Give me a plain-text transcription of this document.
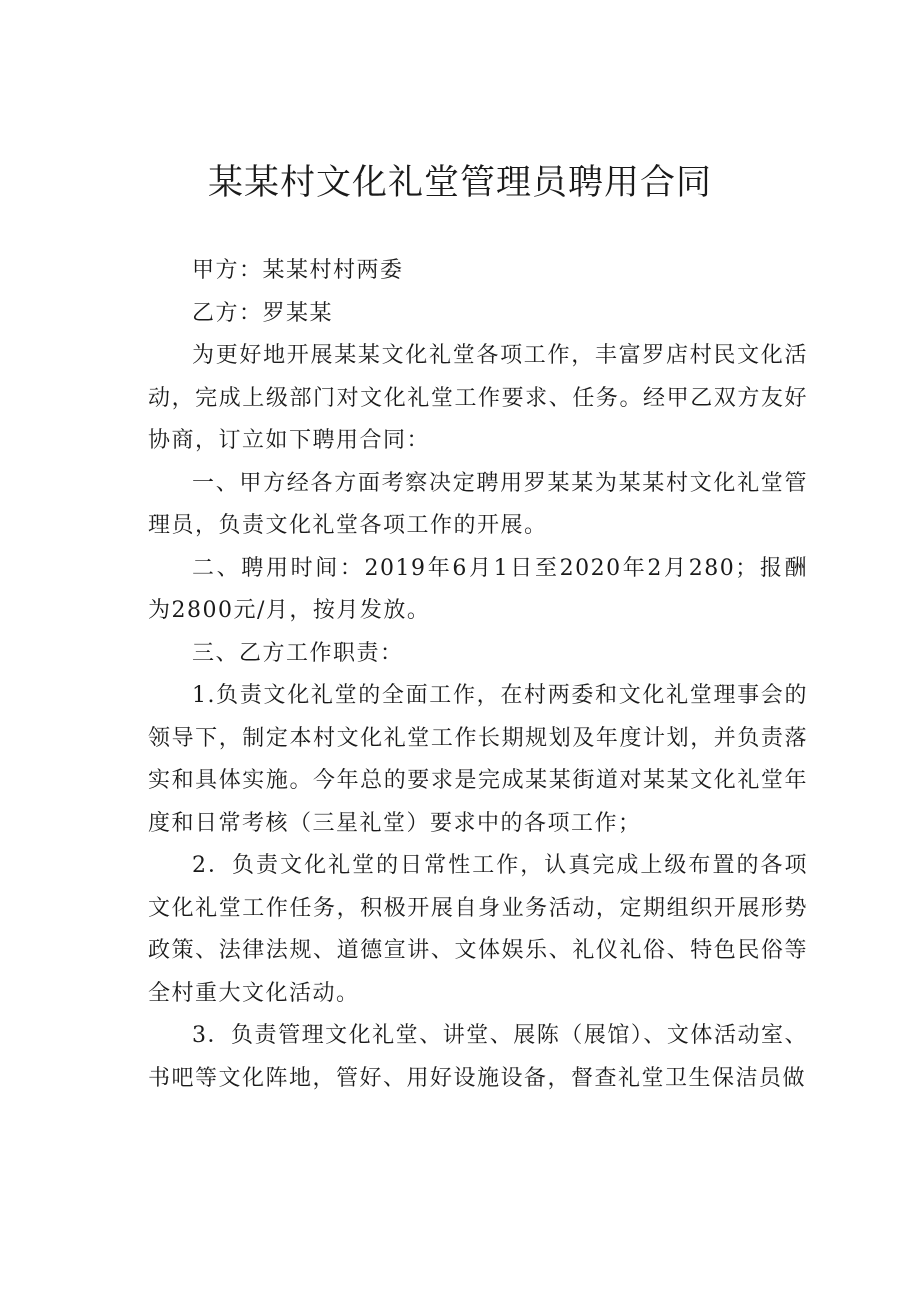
某某村文化礼堂管理员聘用合同

甲方：某某村村两委

乙方：罗某某

为更好地开展某某文化礼堂各项工作，丰富罗店村民文化活动，完成上级部门对文化礼堂工作要求、任务。经甲乙双方友好协商，订立如下聘用合同：

一、甲方经各方面考察决定聘用罗某某为某某村文化礼堂管理员，负责文化礼堂各项工作的开展。

二、聘用时间：2019年6月1日至2020年2月280；报酬为2800元/月，按月发放。

三、乙方工作职责：

1.负责文化礼堂的全面工作，在村两委和文化礼堂理事会的领导下，制定本村文化礼堂工作长期规划及年度计划，并负责落实和具体实施。今年总的要求是完成某某街道对某某文化礼堂年度和日常考核（三星礼堂）要求中的各项工作；

2．负责文化礼堂的日常性工作，认真完成上级布置的各项文化礼堂工作任务，积极开展自身业务活动，定期组织开展形势政策、法律法规、道德宣讲、文体娱乐、礼仪礼俗、特色民俗等全村重大文化活动。

3．负责管理文化礼堂、讲堂、展陈（展馆）、文体活动室、书吧等文化阵地，管好、用好设施设备，督查礼堂卫生保洁员做
